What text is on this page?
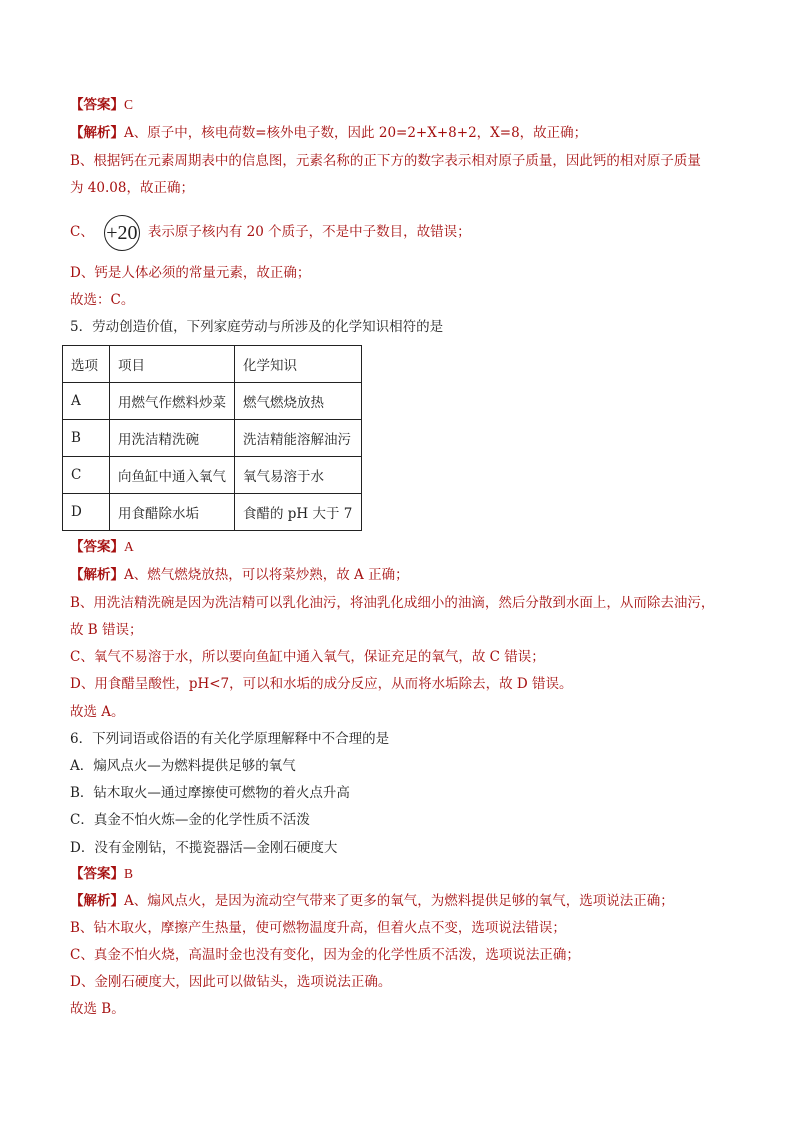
【答案】C
【解析】A、原子中，核电荷数=核外电子数，因此 20=2+X+8+2，X=8，故正确；
B、根据钙在元素周期表中的信息图，元素名称的正下方的数字表示相对原子质量，因此钙的相对原子质量
为 40.08，故正确；
C、 +20 表示原子核内有 20 个质子，不是中子数目，故错误；
D、钙是人体必须的常量元素，故正确；
故选：C。
5．劳动创造价值，下列家庭劳动与所涉及的化学知识相符的是
选项	项目	化学知识
A	用燃气作燃料炒菜	燃气燃烧放热
B	用洗洁精洗碗	洗洁精能溶解油污
C	向鱼缸中通入氧气	氧气易溶于水
D	用食醋除水垢	食醋的 pH 大于 7
【答案】A
【解析】A、燃气燃烧放热，可以将菜炒熟，故 A 正确；
B、用洗洁精洗碗是因为洗洁精可以乳化油污，将油乳化成细小的油滴，然后分散到水面上，从而除去油污，
故 B 错误；
C、氧气不易溶于水，所以要向鱼缸中通入氧气，保证充足的氧气，故 C 错误；
D、用食醋呈酸性，pH<7，可以和水垢的成分反应，从而将水垢除去，故 D 错误。
故选 A。
6．下列词语或俗语的有关化学原理解释中不合理的是
A．煽风点火—为燃料提供足够的氧气
B．钻木取火—通过摩擦使可燃物的着火点升高
C．真金不怕火炼—金的化学性质不活泼
D．没有金刚钻，不揽瓷器活—金刚石硬度大
【答案】B
【解析】A、煽风点火，是因为流动空气带来了更多的氧气，为燃料提供足够的氧气，选项说法正确；
B、钻木取火，摩擦产生热量，使可燃物温度升高，但着火点不变，选项说法错误；
C、真金不怕火烧，高温时金也没有变化，因为金的化学性质不活泼，选项说法正确；
D、金刚石硬度大，因此可以做钻头，选项说法正确。
故选 B。
